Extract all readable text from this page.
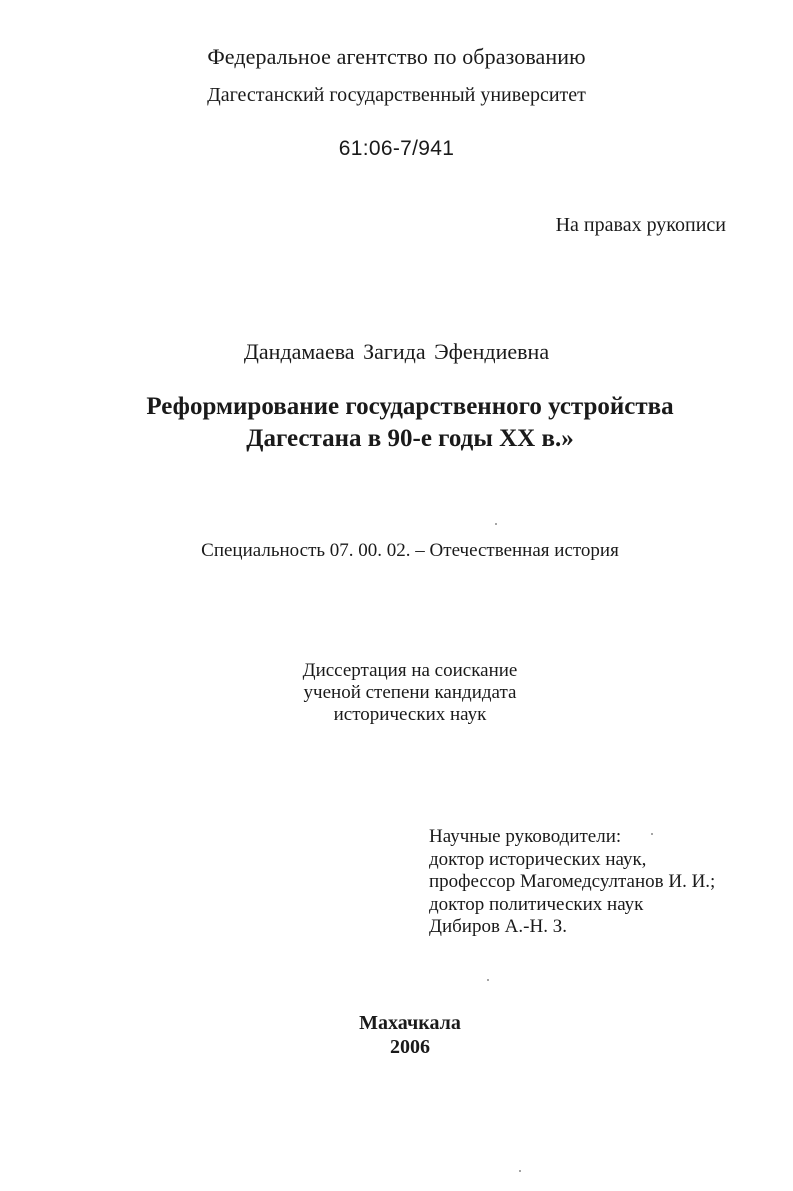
Федеральное агентство по образованию
Дагестанский государственный университет
61:06-7/941
На правах рукописи
Дандамаева Загида Эфендиевна
Реформирование государственного устройства
Дагестана в 90-е годы XX в.»
Специальность 07. 00. 02. – Отечественная история
Диссертация на соискание
ученой степени кандидата
исторических наук
Научные руководители:
доктор исторических наук,
профессор Магомедсултанов И. И.;
доктор политических наук
Дибиров А.-Н. З.
Махачкала
2006
